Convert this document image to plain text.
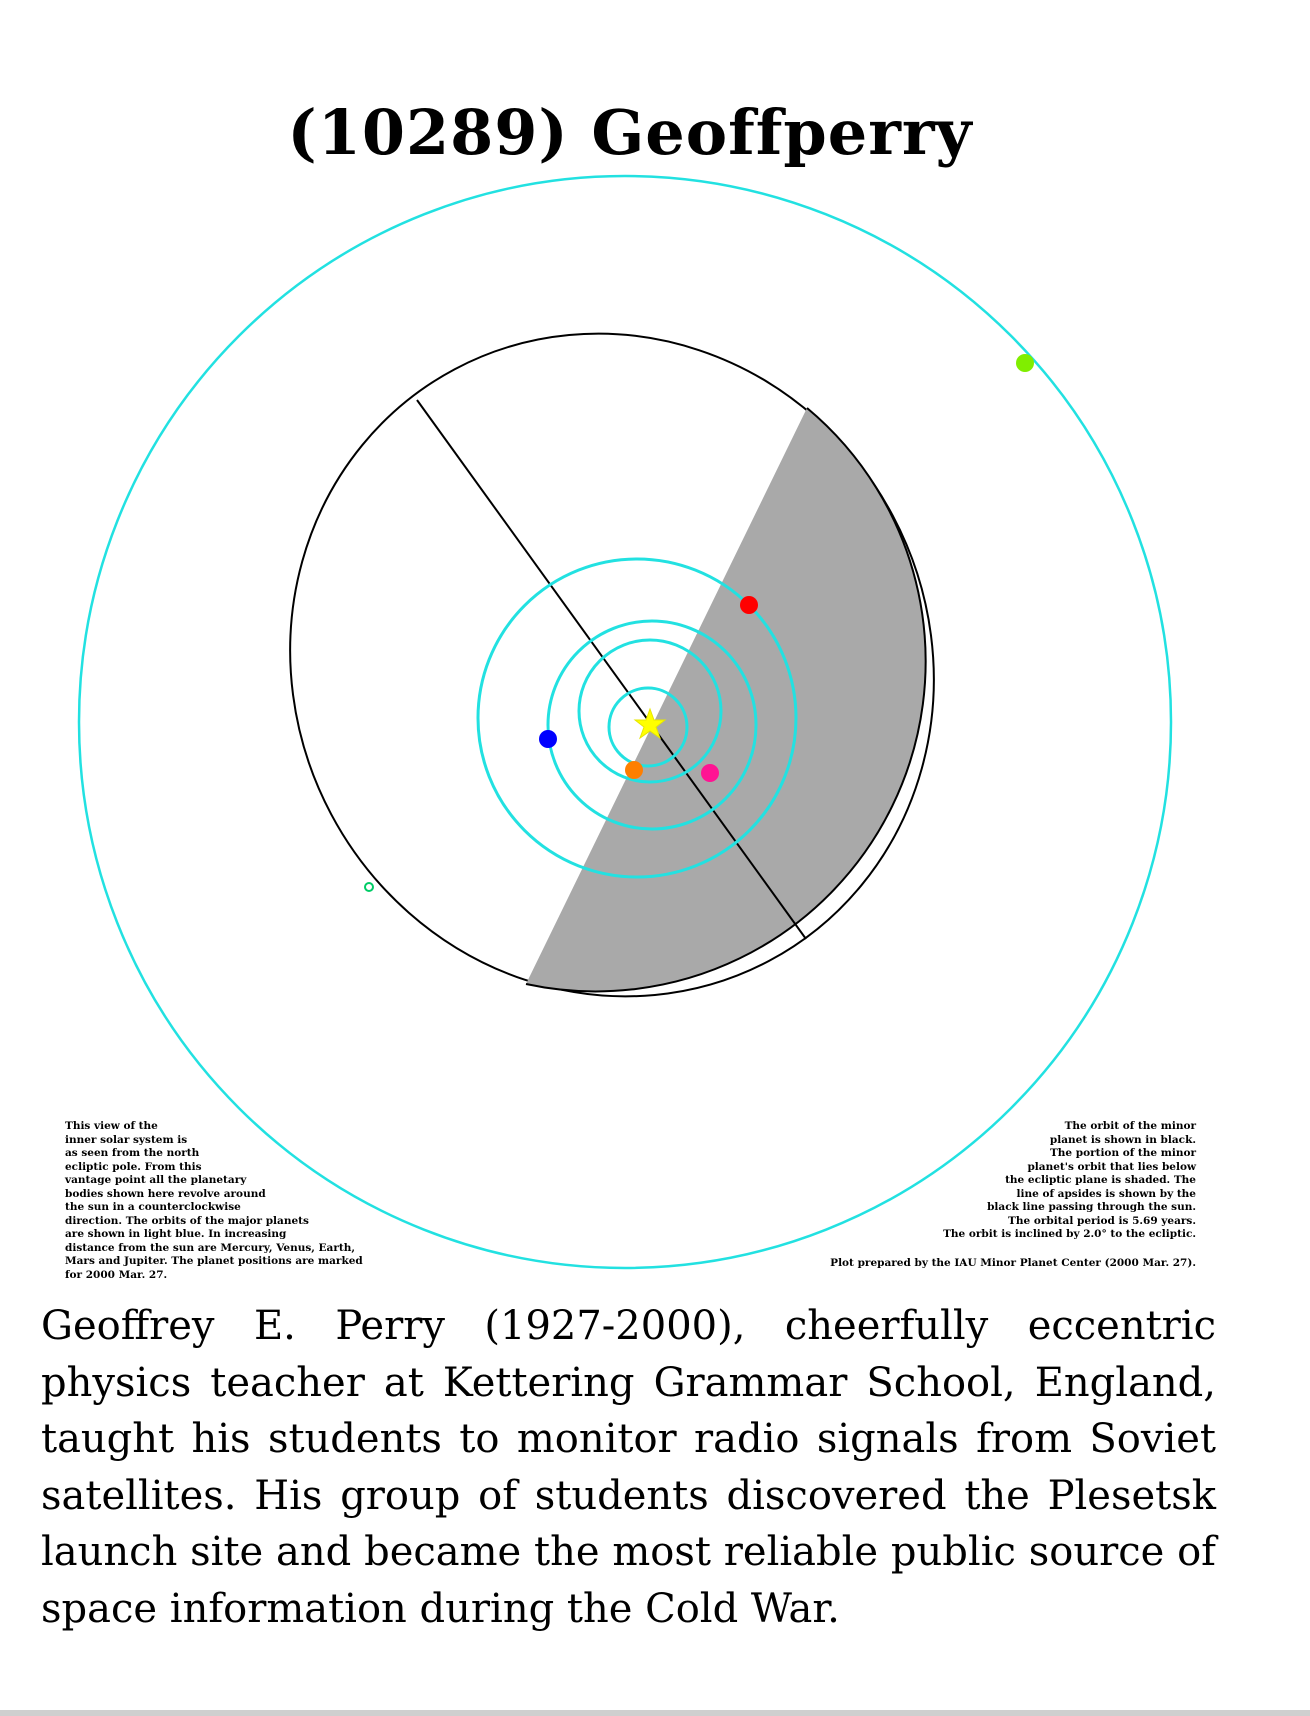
(10289) Geoffperry
This view of the
inner solar system is
as seen from the north
ecliptic pole. From this
vantage point all the planetary
bodies shown here revolve around
the sun in a counterclockwise
direction. The orbits of the major planets
are shown in light blue. In increasing
distance from the sun are Mercury, Venus, Earth,
Mars and Jupiter. The planet positions are marked
for 2000 Mar. 27.
The orbit of the minor
planet is shown in black.
The portion of the minor
planet's orbit that lies below
the ecliptic plane is shaded. The
line of apsides is shown by the
black line passing through the sun.
The orbital period is 5.69 years.
The orbit is inclined by 2.0° to the ecliptic.
Plot prepared by the IAU Minor Planet Center (2000 Mar. 27).

Geoffrey E. Perry (1927-2000), cheerfully eccentric physics teacher at Kettering Grammar School, England, taught his students to monitor radio signals from Soviet satellites. His group of students discovered the Plesetsk launch site and became the most reliable public source of space information during the Cold War.
